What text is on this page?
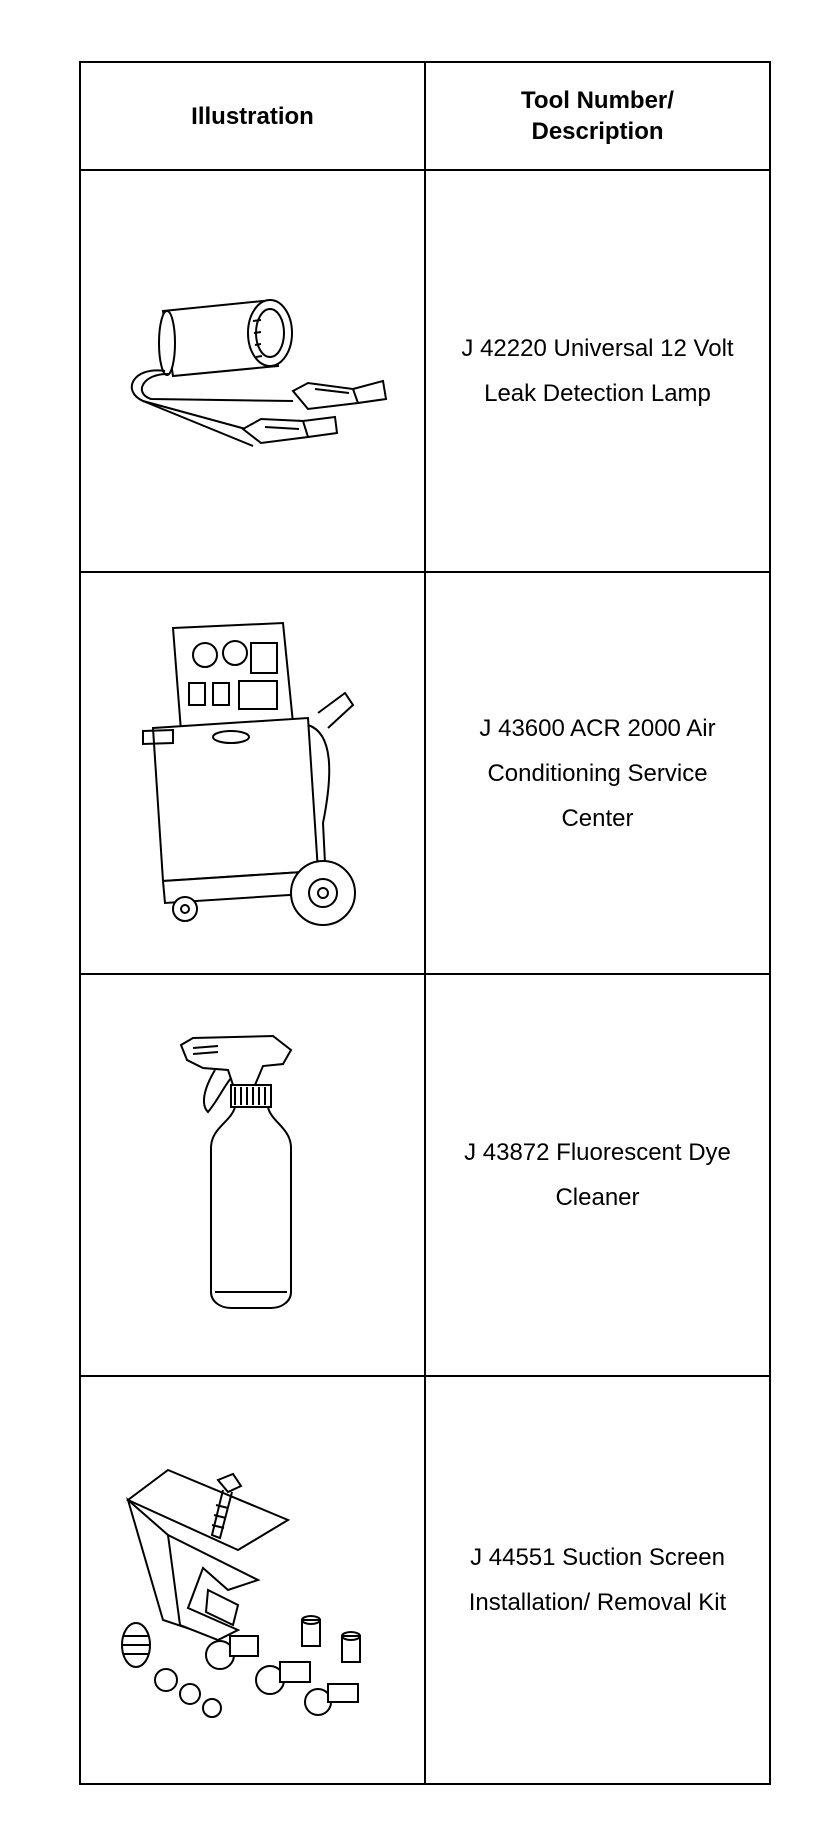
Illustration	Tool Number/
Description

J 42220 Universal 12 Volt Leak Detection Lamp

J 43600 ACR 2000 Air Conditioning Service Center

J 43872 Fluorescent Dye Cleaner

J 44551 Suction Screen Installation/ Removal Kit
